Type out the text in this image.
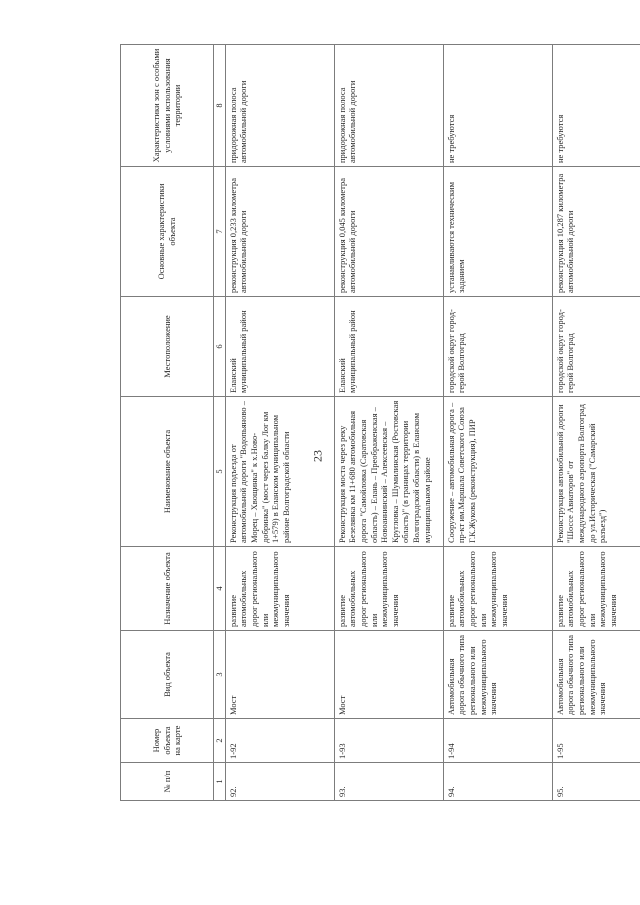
23
№ п/п	Номер объекта на карте	Вид объекта	Назначение объекта	Наименование объекта	Местоположение	Основные характеристики объекта	Характеристики зон с особыми условиями использования территории

1	2	3	4	5	6	7	8
92.	1-92	Мост	развитие автомобильных дорог регионального или межмуниципального значения	Реконструкция подъезда от автомобильной дороги "Водопьяново – Морец – Хвощинка" к х.Ново-добринка" (мост через балку Лог км 1+579) в Еланском муниципальном районе Волгоградской области	Еланский муниципальный район	реконструкция 0,233 километра автомобильной дороги	придорожная полоса автомобильной дороги
93.	1-93	Мост	развитие автомобильных дорог регионального или межмуниципального значения	Реконструкция моста через реку Безелянка км 11+680 автомобильная дорога "Самойловка (Саратовская область) – Елань – Преображенская – Новоаннинский – Алексеевская – Кругловка – Шумилинская (Ростовская область)" (в границах территории Волгоградской области) в Еланском муниципальном районе	Еланский муниципальный район	реконструкция 0,045 километра автомобильной дороги	придорожная полоса автомобильной дороги
94.	1-94	Автомобильная дорога обычного типа регионального или межмуниципального значения	развитие автомобильных дорог регионального или межмуниципального значения	Сооружение – автомобильная дорога – пр-кт им.Маршала Советского Союза Г.К.Жукова (реконструкция), ПИР	городской округ город-герой Волгоград	устанавливаются техническим заданием	не требуются
95.	1-95	Автомобильная дорога обычного типа регионального или межмуниципального значения	развитие автомобильных дорог регионального или межмуниципального значения	Реконструкция автомобильной дороги "Шоссе Авиаторов" от международного аэропорта Волгоград до ул.Историческая ("Самарский разъезд")	городской округ город-герой Волгоград	реконструкция 10,287 километра автомобильной дороги	не требуются
